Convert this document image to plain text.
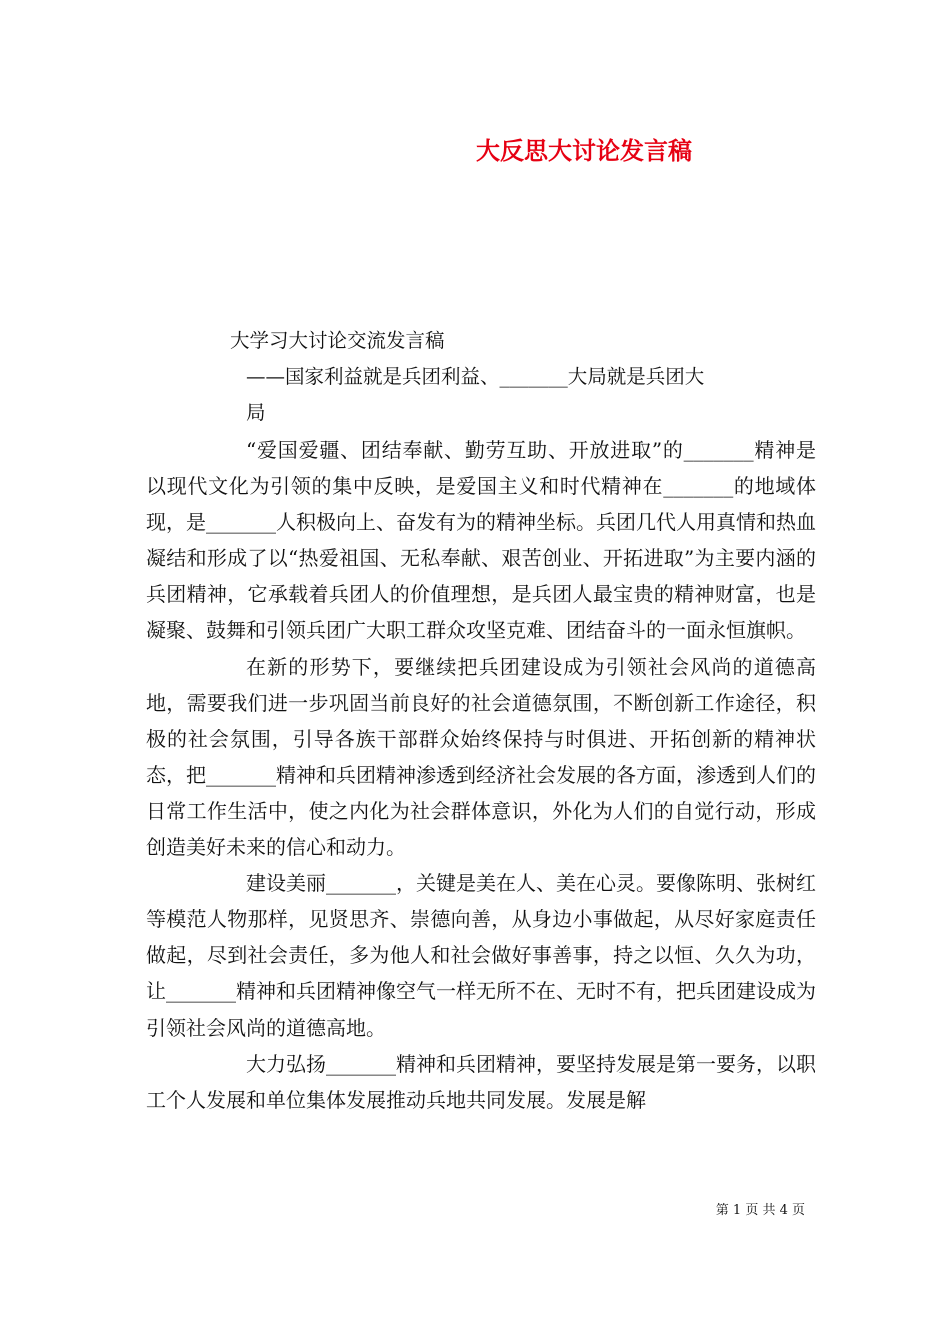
大反思大讨论发言稿
大学习大讨论交流发言稿
——国家利益就是兵团利益、_______大局就是兵团大
局

“爱国爱疆、团结奉献、勤劳互助、开放进取”的_______精神是以现代文化为引领的集中反映，是爱国主义和时代精神在_______的地域体现，是_______人积极向上、奋发有为的精神坐标。兵团几代人用真情和热血凝结和形成了以“热爱祖国、无私奉献、艰苦创业、开拓进取”为主要内涵的兵团精神，它承载着兵团人的价值理想，是兵团人最宝贵的精神财富，也是凝聚、鼓舞和引领兵团广大职工群众攻坚克难、团结奋斗的一面永恒旗帜。

在新的形势下，要继续把兵团建设成为引领社会风尚的道德高地，需要我们进一步巩固当前良好的社会道德氛围，不断创新工作途径，积极的社会氛围，引导各族干部群众始终保持与时俱进、开拓创新的精神状态，把_______精神和兵团精神渗透到经济社会发展的各方面，渗透到人们的日常工作生活中，使之内化为社会群体意识，外化为人们的自觉行动，形成创造美好未来的信心和动力。

建设美丽_______，关键是美在人、美在心灵。要像陈明、张树红等模范人物那样，见贤思齐、崇德向善，从身边小事做起，从尽好家庭责任做起，尽到社会责任，多为他人和社会做好事善事，持之以恒、久久为功，让_______精神和兵团精神像空气一样无所不在、无时不有，把兵团建设成为引领社会风尚的道德高地。

大力弘扬_______精神和兵团精神，要坚持发展是第一要务，以职工个人发展和单位集体发展推动兵地共同发展。发展是解

第 1 页 共 4 页
